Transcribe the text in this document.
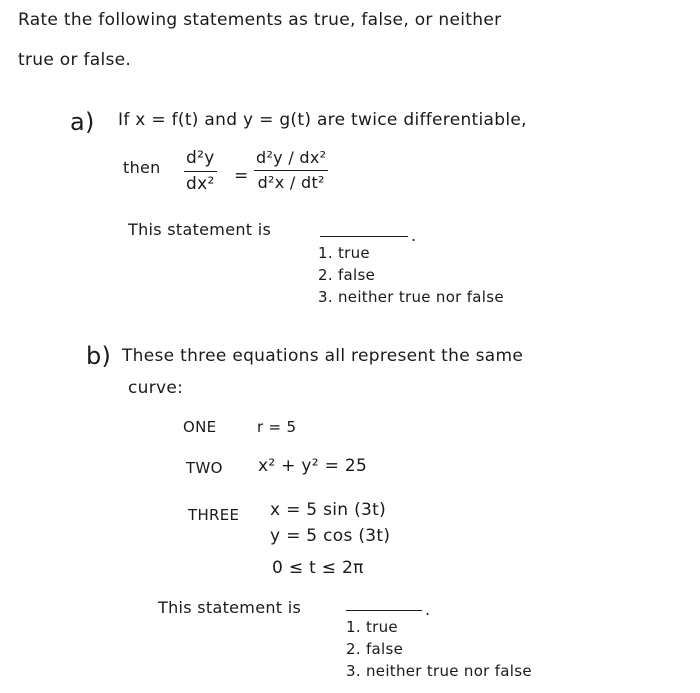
Rate the following statements as true, false, or neither
true or false.
a) If x = f(t) and y = g(t) are twice differentiable,
then d²y
dx² =
d²y / dx²
d²x / dt²
This statement is	.
1. true
2. false
3. neither true nor false
b) These three equations all represent the same
curve:
ONE	r = 5
TWO x² + y² = 25
THREE x = 5 sin (3t)
y = 5 cos (3t)
0 ≤ t ≤ 2π
This statement is	.
1. true
2. false
3. neither true nor false
